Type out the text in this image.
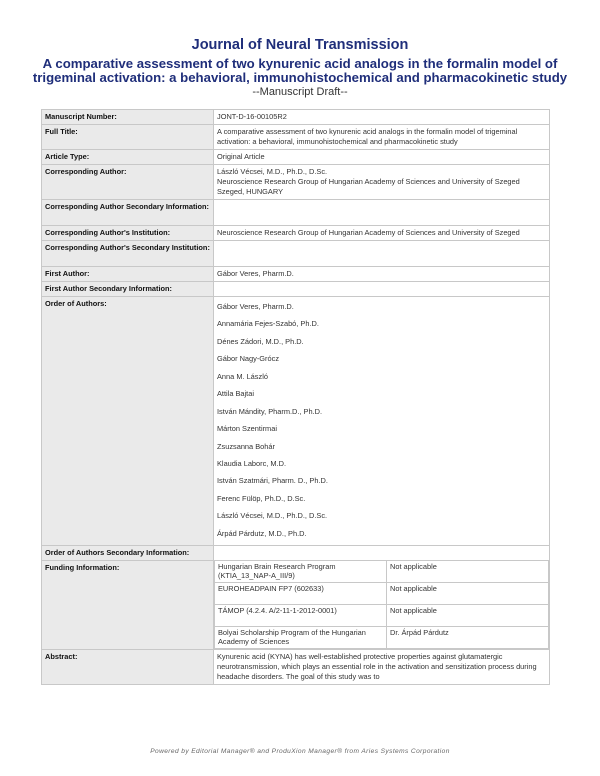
Journal of Neural Transmission
A comparative assessment of two kynurenic acid analogs in the formalin model of trigeminal activation: a behavioral, immunohistochemical and pharmacokinetic study
--Manuscript Draft--
Manuscript Number:	JONT-D-16-00105R2
Full Title:	A comparative assessment of two kynurenic acid analogs in the formalin model of trigeminal activation: a behavioral, immunohistochemical and pharmacokinetic study
Article Type:	Original Article
Corresponding Author:	László Vécsei, M.D., Ph.D., D.Sc.
Neuroscience Research Group of Hungarian Academy of Sciences and University of Szeged
Szeged, HUNGARY

Corresponding Author Secondary Information:	
Corresponding Author's Institution:	Neuroscience Research Group of Hungarian Academy of Sciences and University of Szeged
Corresponding Author's Secondary Institution:	
First Author:	Gábor Veres, Pharm.D.
First Author Secondary Information:	
Order of Authors:	Gábor Veres, Pharm.D.
Annamária Fejes-Szabó, Ph.D.
Dénes Zádori, M.D., Ph.D.
Gábor Nagy-Grócz
Anna M. László
Attila Bajtai
István Mándity, Pharm.D., Ph.D.
Márton Szentirmai
Zsuzsanna Bohár
Klaudia Laborc, M.D.
István Szatmári, Pharm. D., Ph.D.
Ferenc Fülöp, Ph.D., D.Sc.
László Vécsei, M.D., Ph.D., D.Sc.
Árpád Párdutz, M.D., Ph.D.

Order of Authors Secondary Information:	
Funding Information:		Hungarian Brain Research Program (KTIA_13_NAP-A_III/9)	Not applicable
EUROHEADPAIN FP7 (602633)	Not applicable
TÁMOP (4.2.4. A/2-11-1-2012-0001)	Not applicable
Bolyai Scholarship Program of the Hungarian Academy of Sciences	Dr. Árpád Párdutz

Abstract:	Kynurenic acid (KYNA) has well-established protective properties against glutamatergic neurotransmission, which plays an essential role in the activation and sensitization process during headache disorders. The goal of this study was to
Powered by Editorial Manager® and ProduXion Manager® from Aries Systems Corporation
